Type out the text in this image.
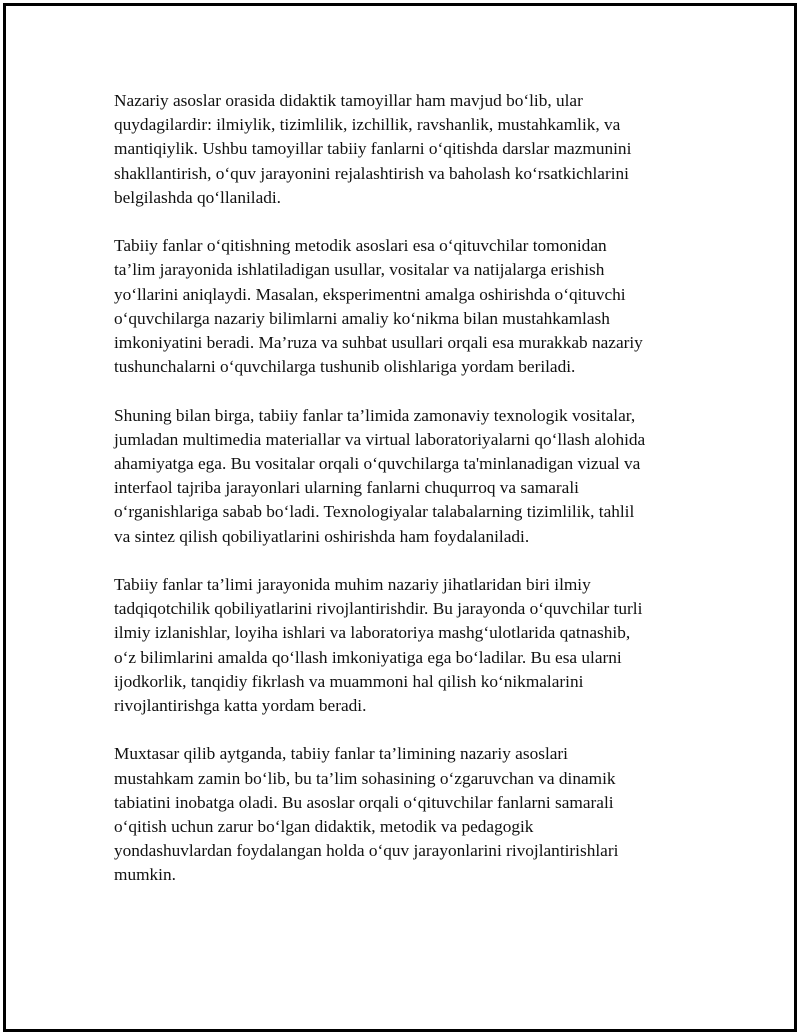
Nazariy asoslar orasida didaktik tamoyillar ham mavjud bo‘lib, ular
quydagilardir: ilmiylik, tizimlilik, izchillik, ravshanlik, mustahkamlik, va
mantiqiylik. Ushbu tamoyillar tabiiy fanlarni o‘qitishda darslar mazmunini
shakllantirish, o‘quv jarayonini rejalashtirish va baholash ko‘rsatkichlarini
belgilashda qo‘llaniladi.

Tabiiy fanlar o‘qitishning metodik asoslari esa o‘qituvchilar tomonidan
ta’lim jarayonida ishlatiladigan usullar, vositalar va natijalarga erishish
yo‘llarini aniqlaydi. Masalan, eksperimentni amalga oshirishda o‘qituvchi
o‘quvchilarga nazariy bilimlarni amaliy ko‘nikma bilan mustahkamlash
imkoniyatini beradi. Ma’ruza va suhbat usullari orqali esa murakkab nazariy
tushunchalarni o‘quvchilarga tushunib olishlariga yordam beriladi.

Shuning bilan birga, tabiiy fanlar ta’limida zamonaviy texnologik vositalar,
jumladan multimedia materiallar va virtual laboratoriyalarni qo‘llash alohida
ahamiyatga ega. Bu vositalar orqali o‘quvchilarga ta'minlanadigan vizual va
interfaol tajriba jarayonlari ularning fanlarni chuqurroq va samarali
o‘rganishlariga sabab bo‘ladi. Texnologiyalar talabalarning tizimlilik, tahlil
va sintez qilish qobiliyatlarini oshirishda ham foydalaniladi.

Tabiiy fanlar ta’limi jarayonida muhim nazariy jihatlaridan biri ilmiy
tadqiqotchilik qobiliyatlarini rivojlantirishdir. Bu jarayonda o‘quvchilar turli
ilmiy izlanishlar, loyiha ishlari va laboratoriya mashg‘ulotlarida qatnashib,
o‘z bilimlarini amalda qo‘llash imkoniyatiga ega bo‘ladilar. Bu esa ularni
ijodkorlik, tanqidiy fikrlash va muammoni hal qilish ko‘nikmalarini
rivojlantirishga katta yordam beradi.

Muxtasar qilib aytganda, tabiiy fanlar ta’limining nazariy asoslari
mustahkam zamin bo‘lib, bu ta’lim sohasining o‘zgaruvchan va dinamik
tabiatini inobatga oladi. Bu asoslar orqali o‘qituvchilar fanlarni samarali
o‘qitish uchun zarur bo‘lgan didaktik, metodik va pedagogik
yondashuvlardan foydalangan holda o‘quv jarayonlarini rivojlantirishlari
mumkin.
